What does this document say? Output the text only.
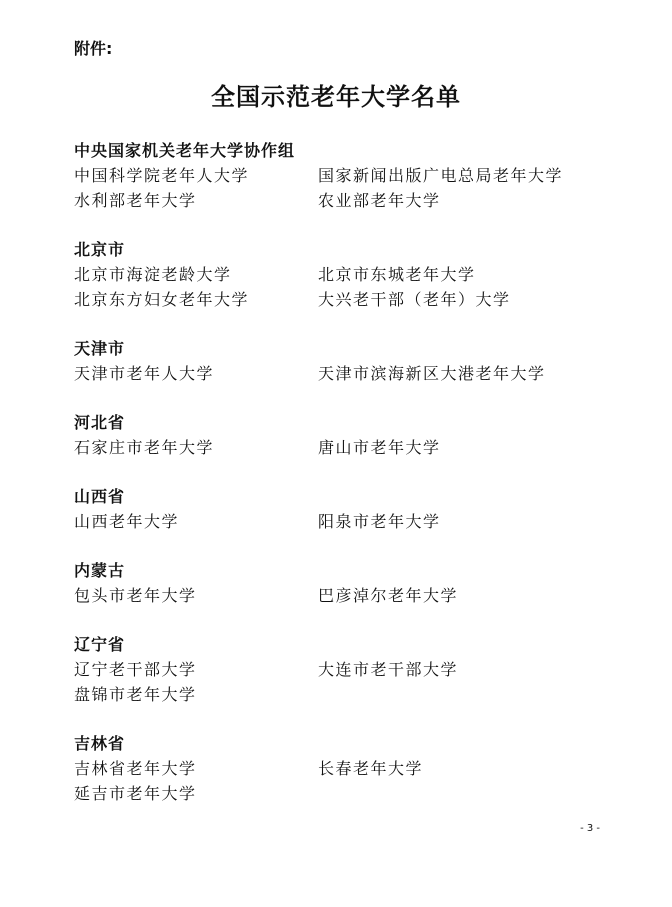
附件:
全国示范老年大学名单
中央国家机关老年大学协作组
中国科学院老年人大学	国家新闻出版广电总局老年大学
水利部老年大学	农业部老年大学
北京市
北京市海淀老龄大学	北京市东城老年大学
北京东方妇女老年大学	大兴老干部（老年）大学
天津市
天津市老年人大学	天津市滨海新区大港老年大学
河北省
石家庄市老年大学	唐山市老年大学
山西省
山西老年大学	阳泉市老年大学
内蒙古
包头市老年大学	巴彦淖尔老年大学
辽宁省
辽宁老干部大学	大连市老干部大学
盘锦市老年大学
吉林省
吉林省老年大学	长春老年大学
延吉市老年大学
- 3 -
